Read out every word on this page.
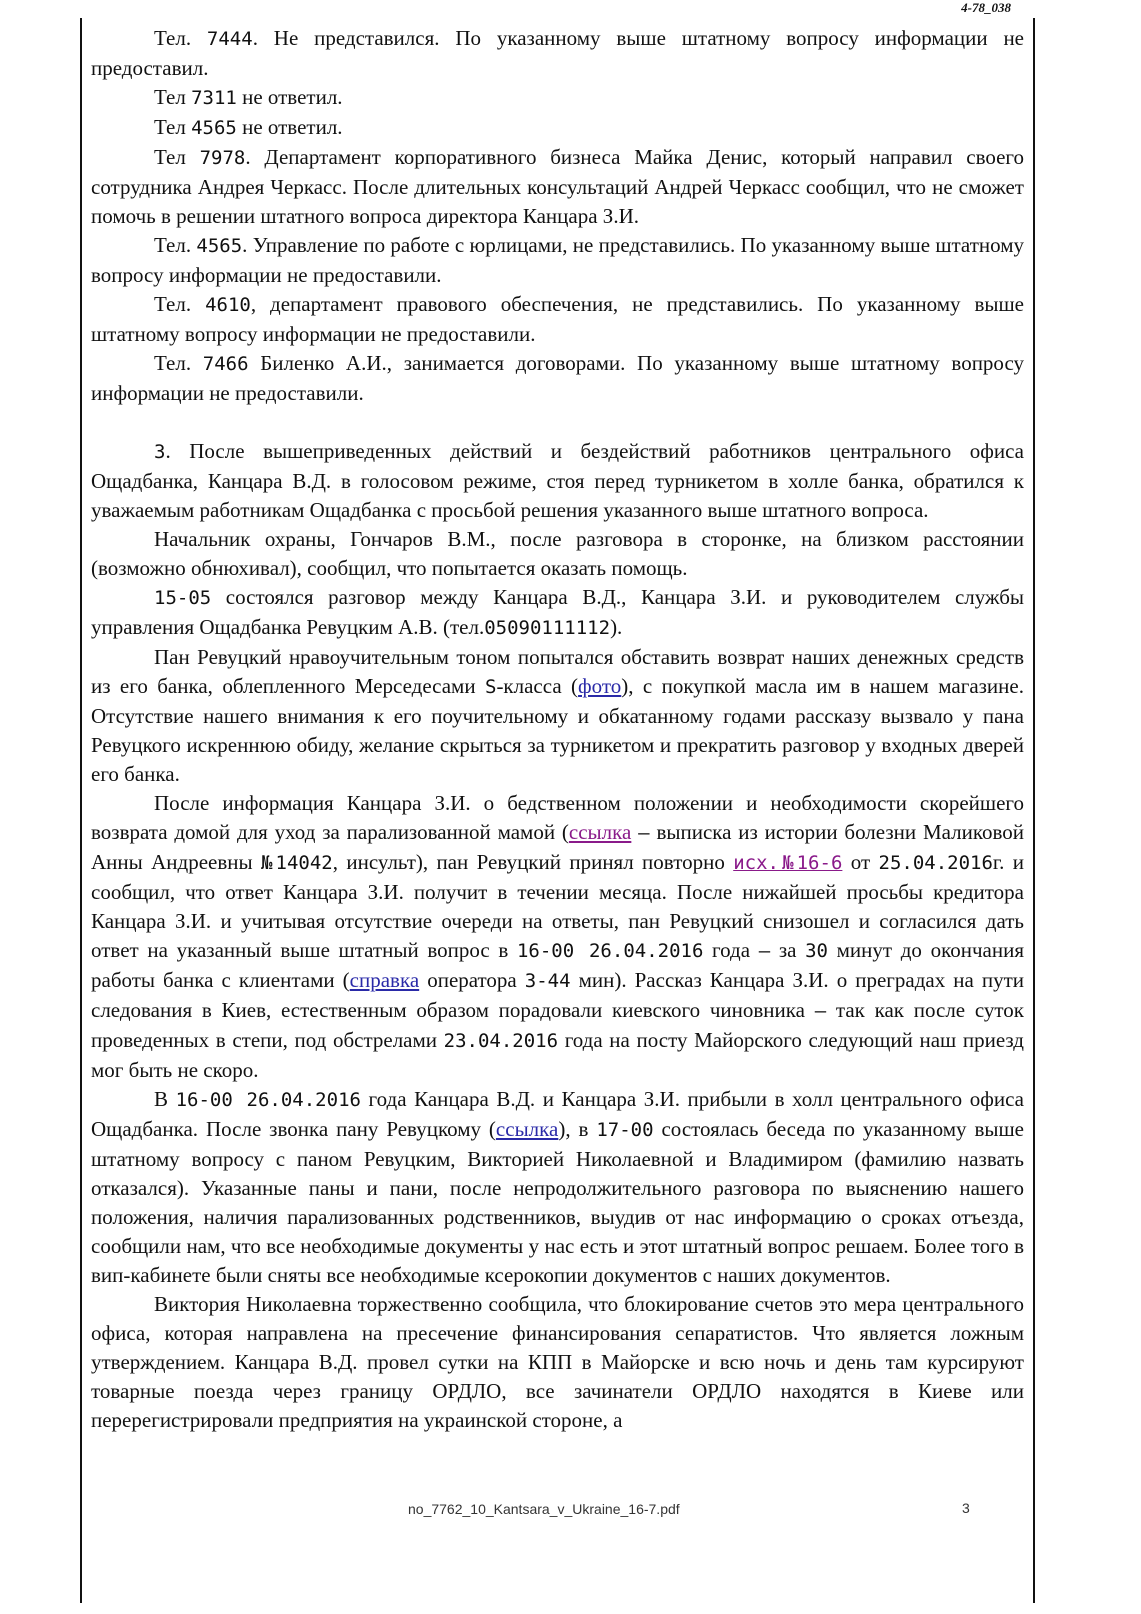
4-78_038

Тел. 7444. Не представился. По указанному выше штатному вопросу информации не предоставил.

Тел 7311 не ответил.

Тел 4565 не ответил.

Тел 7978. Департамент корпоративного бизнеса Майка Денис, который направил своего сотрудника Андрея Черкасс. После длительных консультаций Андрей Черкасс сообщил, что не сможет помочь в решении штатного вопроса директора Канцара З.И.

Тел. 4565. Управление по работе с юрлицами, не представились. По указанному выше штатному вопросу информации не предоставили.

Тел. 4610, департамент правового обеспечения, не представились. По указанному выше штатному вопросу информации не предоставили.

Тел. 7466 Биленко А.И., занимается договорами. По указанному выше штатному вопросу информации не предоставили.

3. После вышеприведенных действий и бездействий работников центрального офиса Ощадбанка, Канцара В.Д. в голосовом режиме, стоя перед турникетом в холле банка, обратился к уважаемым работникам Ощадбанка с просьбой решения указанного выше штатного вопроса.

Начальник охраны, Гончаров В.М., после разговора в сторонке, на близком расстоянии (возможно обнюхивал), сообщил, что попытается оказать помощь.

15-05 состоялся разговор между Канцара В.Д., Канцара З.И. и руководителем службы управления Ощадбанка Ревуцким А.В. (тел.05090111112).

Пан Ревуцкий нравоучительным тоном попытался обставить возврат наших денежных средств из его банка, облепленного Мерседесами S-класса (фото), с покупкой масла им в нашем магазине. Отсутствие нашего внимания к его поучительному и обкатанному годами рассказу вызвало у пана Ревуцкого искреннюю обиду, желание скрыться за турникетом и прекратить разговор у входных дверей его банка.

После информация Канцара З.И. о бедственном положении и необходимости скорейшего возврата домой для уход за парализованной мамой (ссылка – выписка из истории болезни Маликовой Анны Андреевны №14042, инсульт), пан Ревуцкий принял повторно исх.№16-6 от 25.04.2016г. и сообщил, что ответ Канцара З.И. получит в течении месяца. После нижайшей просьбы кредитора Канцара З.И. и учитывая отсутствие очереди на ответы, пан Ревуцкий снизошел и согласился дать ответ на указанный выше штатный вопрос в 16-00 26.04.2016 года – за 30 минут до окончания работы банка с клиентами (справка оператора 3-44 мин). Рассказ Канцара З.И. о преградах на пути следования в Киев, естественным образом порадовали киевского чиновника – так как после суток проведенных в степи, под обстрелами 23.04.2016 года на посту Майорского следующий наш приезд мог быть не скоро.

В 16-00 26.04.2016 года Канцара В.Д. и Канцара З.И. прибыли в холл центрального офиса Ощадбанка. После звонка пану Ревуцкому (ссылка), в 17-00 состоялась беседа по указанному выше штатному вопросу с паном Ревуцким, Викторией Николаевной и Владимиром (фамилию назвать отказался). Указанные паны и пани, после непродолжительного разговора по выяснению нашего положения, наличия парализованных родственников, выудив от нас информацию о сроках отъезда, сообщили нам, что все необходимые документы у нас есть и этот штатный вопрос решаем. Более того в вип-кабинете были сняты все необходимые ксерокопии документов с наших документов.

Виктория Николаевна торжественно сообщила, что блокирование счетов это мера центрального офиса, которая направлена на пресечение финансирования сепаратистов. Что является ложным утверждением. Канцара В.Д. провел сутки на КПП в Майорске и всю ночь и день там курсируют товарные поезда через границу ОРДЛО, все зачинатели ОРДЛО находятся в Киеве или перерегистрировали предприятия на украинской стороне, а

no_7762_10_Kantsara_v_Ukraine_16-7.pdf	3
